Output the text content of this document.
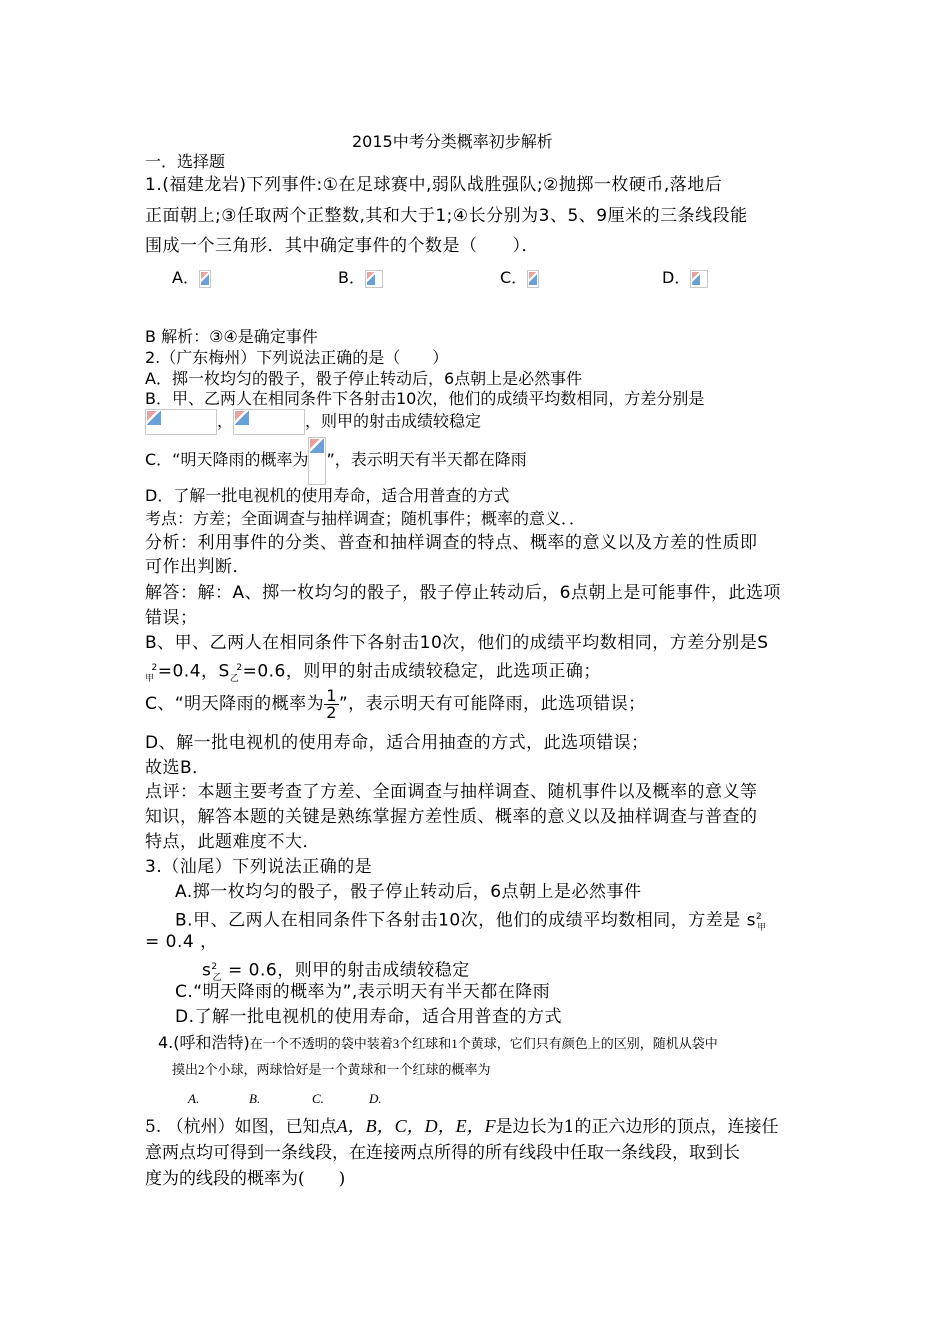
2015中考分类概率初步解析
一．选择题
1.(福建龙岩)下列事件:①在足球赛中,弱队战胜强队;②抛掷一枚硬币,落地后
正面朝上;③任取两个正整数,其和大于1;④长分别为3、5、9厘米的三条线段能
围成一个三角形．其中确定事件的个数是（　　）．
A．	B．	C．	D．
B 解析：③④是确定事件
2.（广东梅州）下列说法正确的是（　　）
A．掷一枚均匀的骰子，骰子停止转动后，6点朝上是必然事件
B．甲、乙两人在相同条件下各射击10次，他们的成绩平均数相同，方差分别是
，	，则甲的射击成绩较稳定
C．“明天降雨的概率为 ”，表示明天有半天都在降雨
D．了解一批电视机的使用寿命，适合用普查的方式
考点：方差；全面调查与抽样调查；随机事件；概率的意义．．
分析：利用事件的分类、普查和抽样调查的特点、概率的意义以及方差的性质即
可作出判断．
解答：解：A、掷一枚均匀的骰子，骰子停止转动后，6点朝上是可能事件，此选项
错误；
B、甲、乙两人在相同条件下各射击10次，他们的成绩平均数相同，方差分别是S
$_甲^2$=0.4，$S_乙^2=0.6$，则甲的射击成绩较稳定，此选项正确；
C、“明天降雨的概率为 $\frac{1}{2}$ ”，表示明天有可能降雨，此选项错误；
D、解一批电视机的使用寿命，适合用抽查的方式，此选项错误；
故选B．
点评：本题主要考查了方差、全面调查与抽样调查、随机事件以及概率的意义等
知识，解答本题的关键是熟练掌握方差性质、概率的意义以及抽样调查与普查的
特点，此题难度不大．
3.（汕尾）下列说法正确的是
A.掷一枚均匀的骰子，骰子停止转动后，6点朝上是必然事件
B.甲、乙两人在相同条件下各射击10次，他们的成绩平均数相同，方差是 $s^2_甲$
= 0.4 ，
$s^2_乙 = 0.6$，则甲的射击成绩较稳定
C.“明天降雨的概率为”,表示明天有半天都在降雨
D.了解一批电视机的使用寿命，适合用普查的方式
4.(呼和浩特)在一个不透明的袋中装着3个红球和1个黄球，它们只有颜色上的区别，随机从袋中
摸出2个小球，两球恰好是一个黄球和一个红球的概率为
A.	B.	C.	D.
5. （杭州）如图，已知点A，B，C，D，E，F是边长为1的正六边形的顶点，连接任
意两点均可得到一条线段，在连接两点所得的所有线段中任取一条线段，取到长
度为的线段的概率为(　　)
